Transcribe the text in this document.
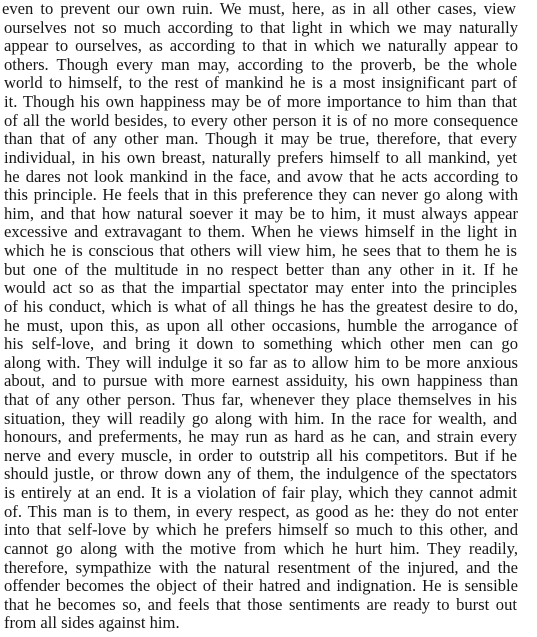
even to prevent our own ruin. We must, here, as in all other cases, view
ourselves not so much according to that light in which we may naturally
appear to ourselves, as according to that in which we naturally appear to
others. Though every man may, according to the proverb, be the whole
world to himself, to the rest of mankind he is a most insignificant part of
it. Though his own happiness may be of more importance to him than that
of all the world besides, to every other person it is of no more consequence
than that of any other man. Though it may be true, therefore, that every
individual, in his own breast, naturally prefers himself to all mankind, yet
he dares not look mankind in the face, and avow that he acts according to
this principle. He feels that in this preference they can never go along with
him, and that how natural soever it may be to him, it must always appear
excessive and extravagant to them. When he views himself in the light in
which he is conscious that others will view him, he sees that to them he is
but one of the multitude in no respect better than any other in it. If he
would act so as that the impartial spectator may enter into the principles
of his conduct, which is what of all things he has the greatest desire to do,
he must, upon this, as upon all other occasions, humble the arrogance of
his self-love, and bring it down to something which other men can go
along with. They will indulge it so far as to allow him to be more anxious
about, and to pursue with more earnest assiduity, his own happiness than
that of any other person. Thus far, whenever they place themselves in his
situation, they will readily go along with him. In the race for wealth, and
honours, and preferments, he may run as hard as he can, and strain every
nerve and every muscle, in order to outstrip all his competitors. But if he
should justle, or throw down any of them, the indulgence of the spectators
is entirely at an end. It is a violation of fair play, which they cannot admit
of. This man is to them, in every respect, as good as he: they do not enter
into that self-love by which he prefers himself so much to this other, and
cannot go along with the motive from which he hurt him. They readily,
therefore, sympathize with the natural resentment of the injured, and the
offender becomes the object of their hatred and indignation. He is sensible
that he becomes so, and feels that those sentiments are ready to burst out
from all sides against him.
